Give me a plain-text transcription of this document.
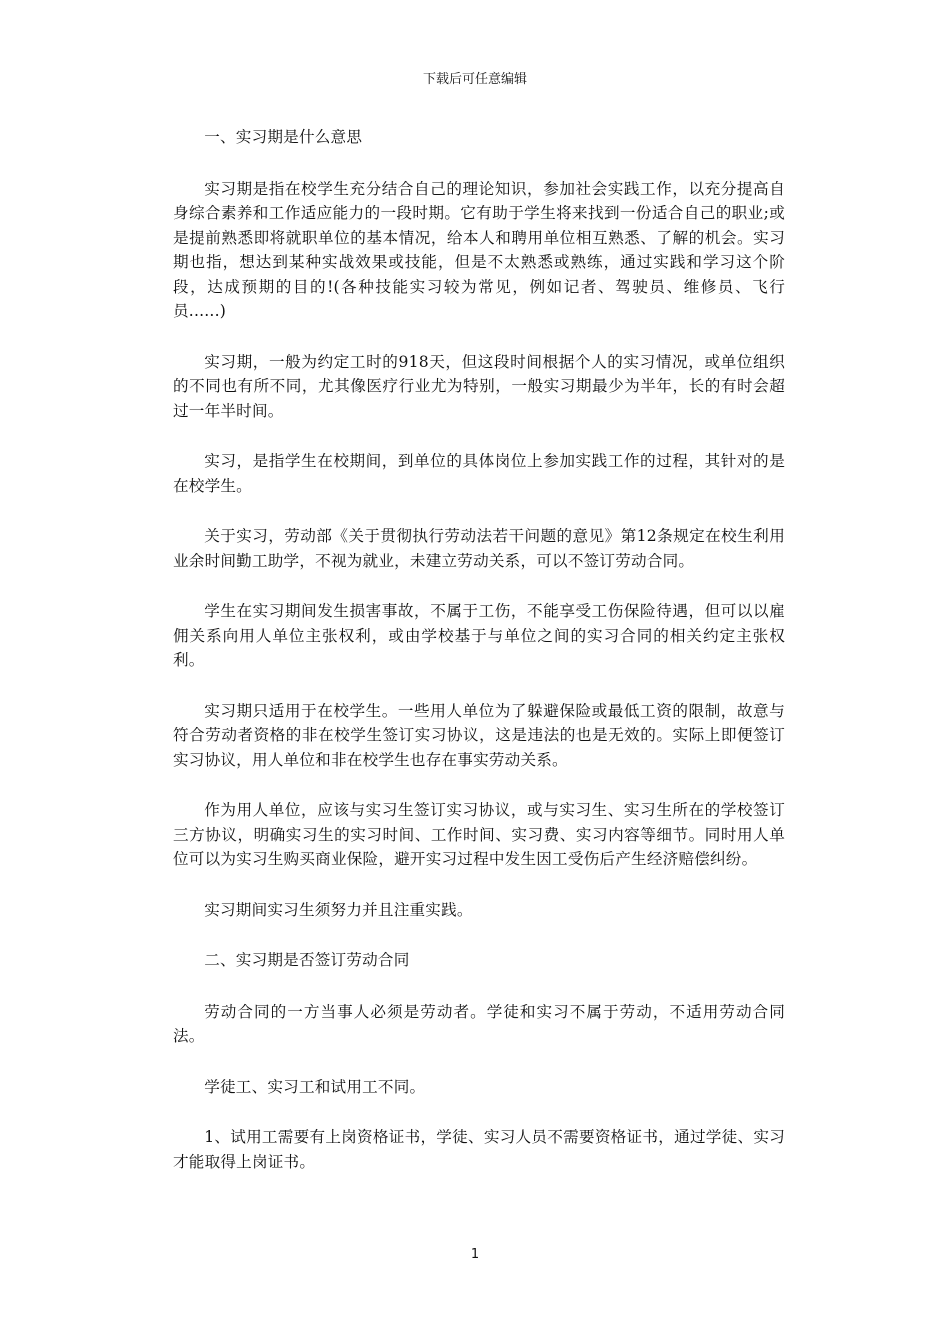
下载后可任意编辑

一、实习期是什么意思

实习期是指在校学生充分结合自己的理论知识，参加社会实践工作，以充分提高自身综合素养和工作适应能力的一段时期。它有助于学生将来找到一份适合自己的职业;或是提前熟悉即将就职单位的基本情况，给本人和聘用单位相互熟悉、了解的机会。实习期也指，想达到某种实战效果或技能，但是不太熟悉或熟练，通过实践和学习这个阶段，达成预期的目的!(各种技能实习较为常见，例如记者、驾驶员、维修员、飞行员......)

实习期，一般为约定工时的918天，但这段时间根据个人的实习情况，或单位组织的不同也有所不同，尤其像医疗行业尤为特别，一般实习期最少为半年，长的有时会超过一年半时间。

实习，是指学生在校期间，到单位的具体岗位上参加实践工作的过程，其针对的是在校学生。

关于实习，劳动部《关于贯彻执行劳动法若干问题的意见》第12条规定在校生利用业余时间勤工助学，不视为就业，未建立劳动关系，可以不签订劳动合同。

学生在实习期间发生损害事故，不属于工伤，不能享受工伤保险待遇，但可以以雇佣关系向用人单位主张权利，或由学校基于与单位之间的实习合同的相关约定主张权利。

实习期只适用于在校学生。一些用人单位为了躲避保险或最低工资的限制，故意与符合劳动者资格的非在校学生签订实习协议，这是违法的也是无效的。实际上即便签订实习协议，用人单位和非在校学生也存在事实劳动关系。

作为用人单位，应该与实习生签订实习协议，或与实习生、实习生所在的学校签订三方协议，明确实习生的实习时间、工作时间、实习费、实习内容等细节。同时用人单位可以为实习生购买商业保险，避开实习过程中发生因工受伤后产生经济赔偿纠纷。

实习期间实习生须努力并且注重实践。

二、实习期是否签订劳动合同

劳动合同的一方当事人必须是劳动者。学徒和实习不属于劳动，不适用劳动合同法。

学徒工、实习工和试用工不同。

1、试用工需要有上岗资格证书，学徒、实习人员不需要资格证书，通过学徒、实习才能取得上岗证书。

1
